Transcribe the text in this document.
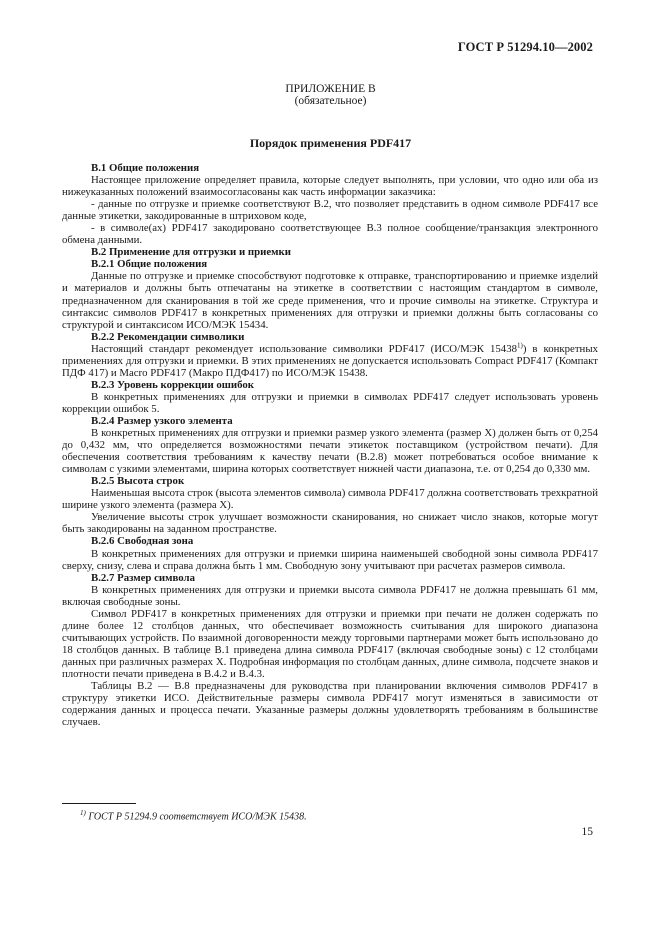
ГОСТ Р 51294.10—2002
ПРИЛОЖЕНИЕ В
(обязательное)
Порядок применения PDF417
В.1 Общие положения

Настоящее приложение определяет правила, которые следует выполнять, при условии, что одно или оба из нижеуказанных положений взаимосогласованы как часть информации заказчика:

- данные по отгрузке и приемке соответствуют В.2, что позволяет представить в одном символе PDF417 все данные этикетки, закодированные в штриховом коде,

- в символе(ах) PDF417 закодировано соответствующее В.3 полное сообщение/транзакция электронного обмена данными.

В.2 Применение для отгрузки и приемки
В.2.1 Общие положения

Данные по отгрузке и приемке способствуют подготовке к отправке, транспортированию и приемке изделий и материалов и должны быть отпечатаны на этикетке в соответствии с настоящим стандартом в символе, предназначенном для сканирования в той же среде применения, что и прочие символы на этикетке. Структура и синтаксис символов PDF417 в конкретных применениях для отгрузки и приемки должны быть согласованы со структурой и синтаксисом ИСО/МЭК 15434.

В.2.2 Рекомендации символики

Настоящий стандарт рекомендует использование символики PDF417 (ИСО/МЭК 15438$^{1)}$) в конкретных применениях для отгрузки и приемки. В этих применениях не допускается использовать Compact PDF417 (Компакт ПДФ 417) и Macro PDF417 (Макро ПДФ417) по ИСО/МЭК 15438.

В.2.3 Уровень коррекции ошибок

В конкретных применениях для отгрузки и приемки в символах PDF417 следует использовать уровень коррекции ошибок 5.

В.2.4 Размер узкого элемента

В конкретных применениях для отгрузки и приемки размер узкого элемента (размер X) должен быть от 0,254 до 0,432 мм, что определяется возможностями печати этикеток поставщиком (устройством печати). Для обеспечения соответствия требованиям к качеству печати (В.2.8) может потребоваться особое внимание к символам с узкими элементами, ширина которых соответствует нижней части диапазона, т.е. от 0,254 до 0,330 мм.

В.2.5 Высота строк

Наименьшая высота строк (высота элементов символа) символа PDF417 должна соответствовать трехкратной ширине узкого элемента (размера X).

Увеличение высоты строк улучшает возможности сканирования, но снижает число знаков, которые могут быть закодированы на заданном пространстве.

В.2.6 Свободная зона

В конкретных применениях для отгрузки и приемки ширина наименьшей свободной зоны символа PDF417 сверху, снизу, слева и справа должна быть 1 мм. Свободную зону учитывают при расчетах размеров символа.

В.2.7 Размер символа

В конкретных применениях для отгрузки и приемки высота символа PDF417 не должна превышать 61 мм, включая свободные зоны.

Символ PDF417 в конкретных применениях для отгрузки и приемки при печати не должен содержать по длине более 12 столбцов данных, что обеспечивает возможность считывания для широкого диапазона считывающих устройств. По взаимной договоренности между торговыми партнерами может быть использовано до 18 столбцов данных. В таблице В.1 приведена длина символа PDF417 (включая свободные зоны) с 12 столбцами данных при различных размерах X. Подробная информация по столбцам данных, длине символа, подсчете знаков и плотности печати приведена в В.4.2 и В.4.3.

Таблицы В.2 — В.8 предназначены для руководства при планировании включения символов PDF417 в структуру этикетки ИСО. Действительные размеры символа PDF417 могут изменяться в зависимости от содержания данных и процесса печати. Указанные размеры должны удовлетворять требованиям в большинстве случаев.

$^{1)}$ ГОСТ Р 51294.9 соответствует ИСО/МЭК 15438.
15
